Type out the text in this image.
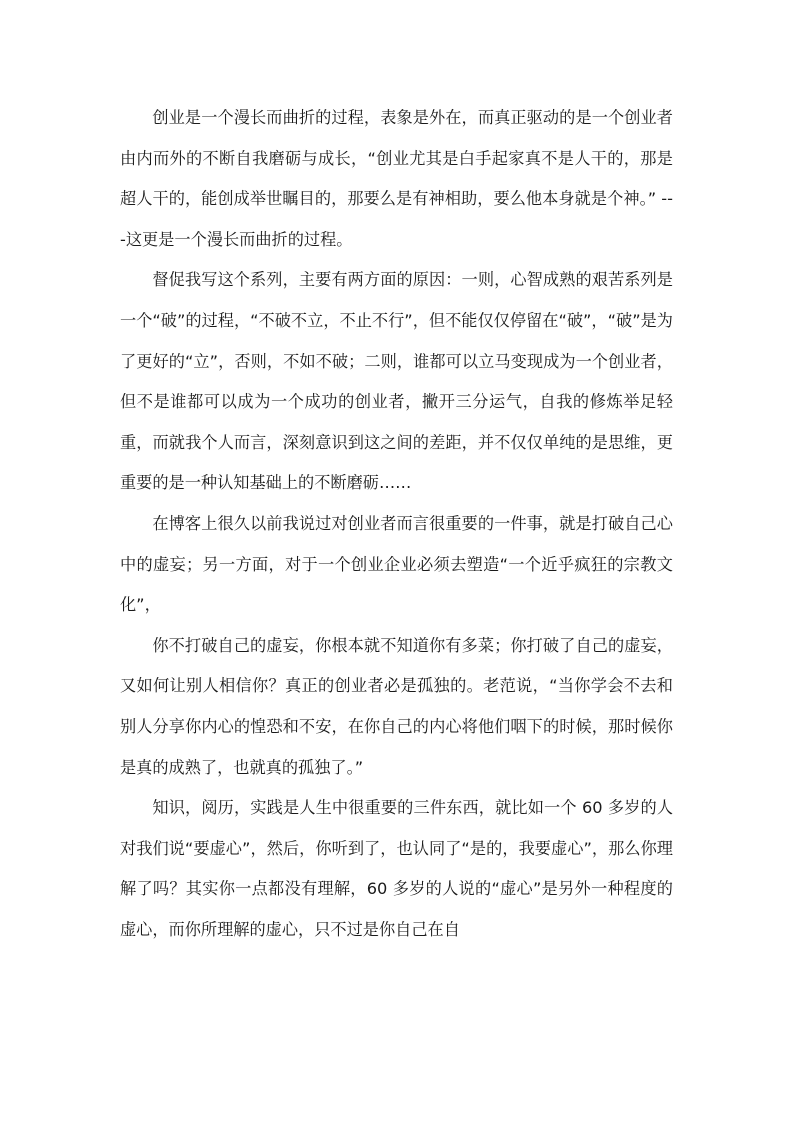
创业是一个漫长而曲折的过程，表象是外在，而真正驱动的是一个创业者由内而外的不断自我磨砺与成长，“创业尤其是白手起家真不是人干的，那是超人干的，能创成举世瞩目的，那要么是有神相助，要么他本身就是个神。” ---这更是一个漫长而曲折的过程。

督促我写这个系列，主要有两方面的原因：一则，心智成熟的艰苦系列是一个“破”的过程，“不破不立，不止不行”，但不能仅仅停留在“破”，“破”是为了更好的“立”，否则，不如不破；二则，谁都可以立马变现成为一个创业者，但不是谁都可以成为一个成功的创业者，撇开三分运气，自我的修炼举足轻重，而就我个人而言，深刻意识到这之间的差距，并不仅仅单纯的是思维，更重要的是一种认知基础上的不断磨砺……

在博客上很久以前我说过对创业者而言很重要的一件事，就是打破自己心中的虚妄；另一方面，对于一个创业企业必须去塑造“一个近乎疯狂的宗教文化”，

你不打破自己的虚妄，你根本就不知道你有多菜；你打破了自己的虚妄，又如何让别人相信你？真正的创业者必是孤独的。老范说，“当你学会不去和别人分享你内心的惶恐和不安，在你自己的内心将他们咽下的时候，那时候你是真的成熟了，也就真的孤独了。”

知识，阅历，实践是人生中很重要的三件东西，就比如一个 60 多岁的人对我们说“要虚心”，然后，你听到了，也认同了“是的，我要虚心”，那么你理解了吗？其实你一点都没有理解，60 多岁的人说的“虚心”是另外一种程度的虚心，而你所理解的虚心，只不过是你自己在自
